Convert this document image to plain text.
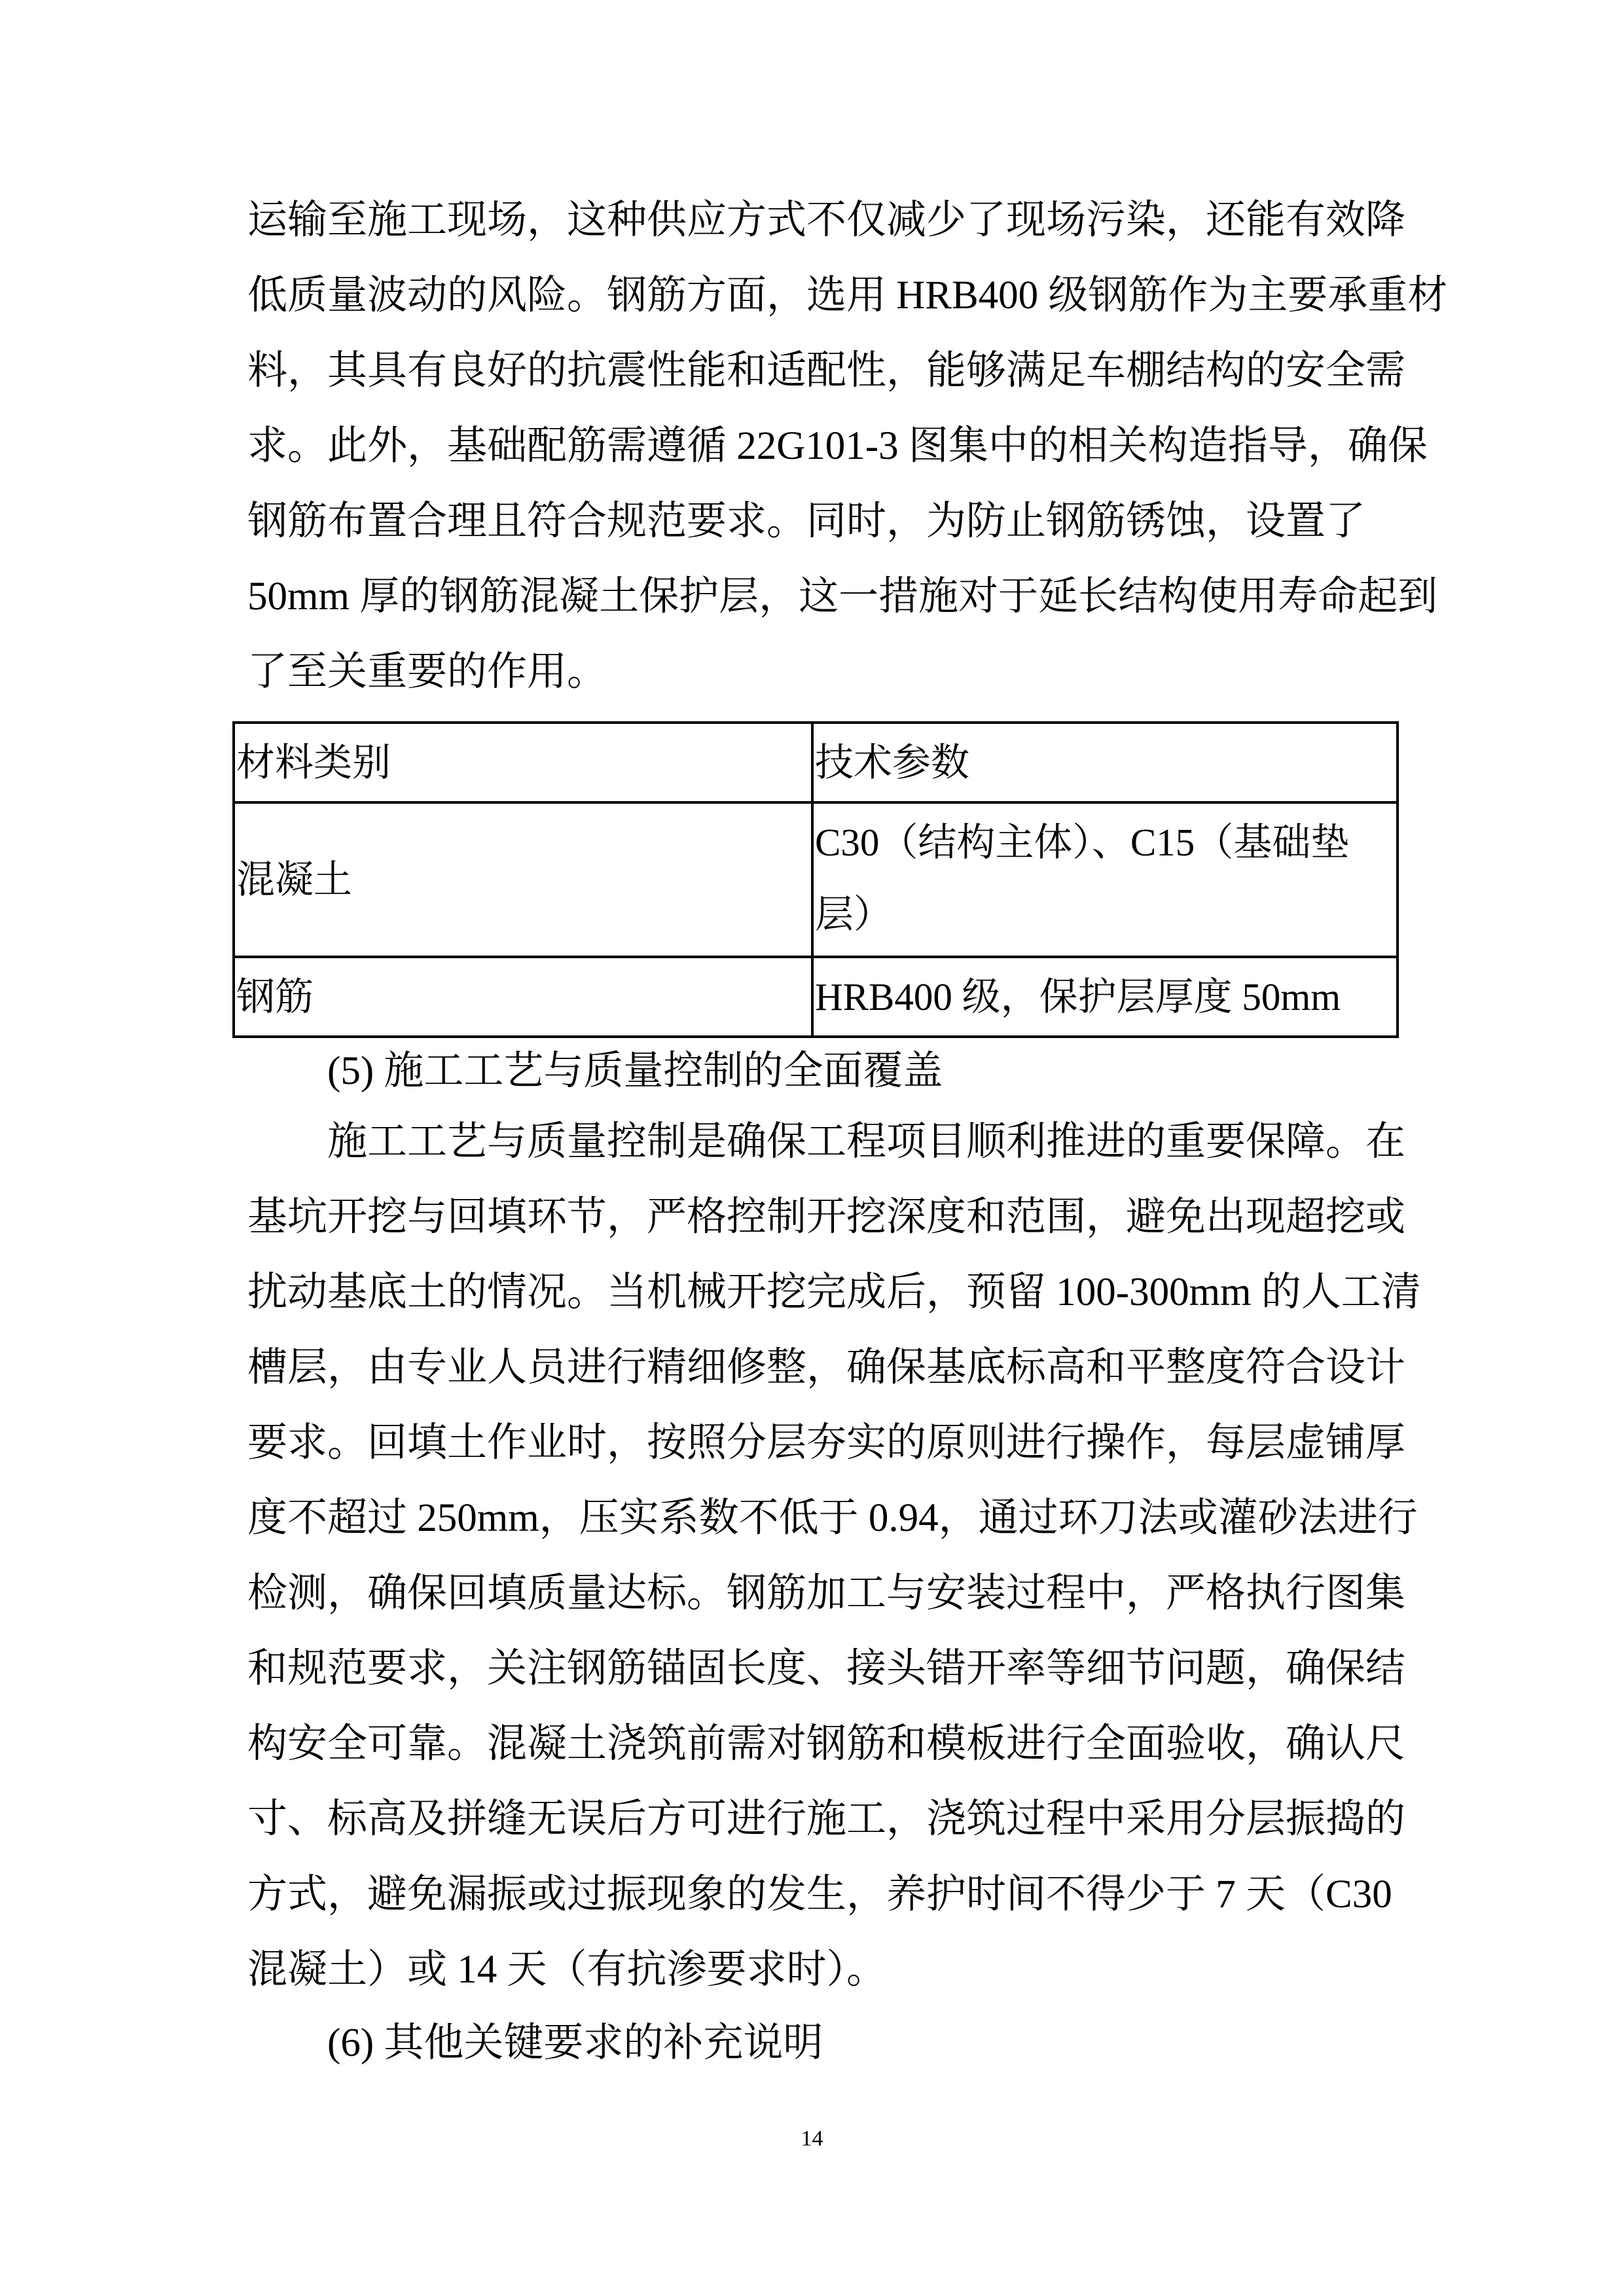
运输至施工现场，这种供应方式不仅减少了现场污染，还能有效降
低质量波动的风险。钢筋方面，选用 HRB400 级钢筋作为主要承重材
料，其具有良好的抗震性能和适配性，能够满足车棚结构的安全需
求。此外，基础配筋需遵循 22G101-3 图集中的相关构造指导，确保
钢筋布置合理且符合规范要求。同时，为防止钢筋锈蚀，设置了
50mm 厚的钢筋混凝土保护层，这一措施对于延长结构使用寿命起到
了至关重要的作用。
材料类别	技术参数
混凝土	C30（结构主体）、C15（基础垫
层）

钢筋	HRB400 级，保护层厚度 50mm
(5) 施工工艺与质量控制的全面覆盖
施工工艺与质量控制是确保工程项目顺利推进的重要保障。在
基坑开挖与回填环节，严格控制开挖深度和范围，避免出现超挖或
扰动基底土的情况。当机械开挖完成后，预留 100-300mm 的人工清
槽层，由专业人员进行精细修整，确保基底标高和平整度符合设计
要求。回填土作业时，按照分层夯实的原则进行操作，每层虚铺厚
度不超过 250mm，压实系数不低于 0.94，通过环刀法或灌砂法进行
检测，确保回填质量达标。钢筋加工与安装过程中，严格执行图集
和规范要求，关注钢筋锚固长度、接头错开率等细节问题，确保结
构安全可靠。混凝土浇筑前需对钢筋和模板进行全面验收，确认尺
寸、标高及拼缝无误后方可进行施工，浇筑过程中采用分层振捣的
方式，避免漏振或过振现象的发生，养护时间不得少于 7 天（C30
混凝土）或 14 天（有抗渗要求时）。
(6) 其他关键要求的补充说明
14
